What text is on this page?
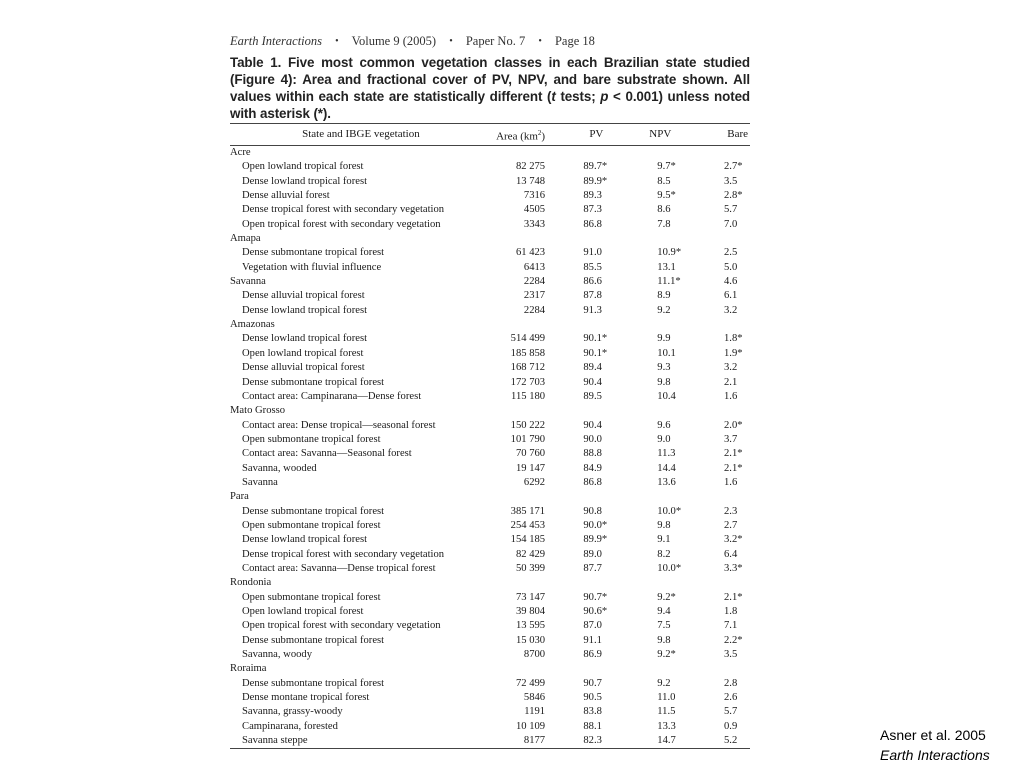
Earth Interactions • Volume 9 (2005) • Paper No. 7 • Page 18
Table 1. Five most common vegetation classes in each Brazilian state studied (Figure 4): Area and fractional cover of PV, NPV, and bare substrate shown. All values within each state are statistically different (t tests; p < 0.001) unless noted with asterisk (*).
State and IBGE vegetation	Area $(km^2)$	PV	NPV	Bare
Acre				
Open lowland tropical forest	82 275	89.7*	9.7*	2.7*
Dense lowland tropical forest	13 748	89.9*	8.5	3.5
Dense alluvial forest	7316	89.3	9.5*	2.8*
Dense tropical forest with secondary vegetation	4505	87.3	8.6	5.7
Open tropical forest with secondary vegetation	3343	86.8	7.8	7.0
Amapa				
Dense submontane tropical forest	61 423	91.0	10.9*	2.5
Vegetation with fluvial influence	6413	85.5	13.1	5.0
Savanna	2284	86.6	11.1*	4.6
Dense alluvial tropical forest	2317	87.8	8.9	6.1
Dense lowland tropical forest	2284	91.3	9.2	3.2
Amazonas				
Dense lowland tropical forest	514 499	90.1*	9.9	1.8*
Open lowland tropical forest	185 858	90.1*	10.1	1.9*
Dense alluvial tropical forest	168 712	89.4	9.3	3.2
Dense submontane tropical forest	172 703	90.4	9.8	2.1
Contact area: Campinarana—Dense forest	115 180	89.5	10.4	1.6
Mato Grosso				
Contact area: Dense tropical—seasonal forest	150 222	90.4	9.6	2.0*
Open submontane tropical forest	101 790	90.0	9.0	3.7
Contact area: Savanna—Seasonal forest	70 760	88.8	11.3	2.1*
Savanna, wooded	19 147	84.9	14.4	2.1*
Savanna	6292	86.8	13.6	1.6
Para				
Dense submontane tropical forest	385 171	90.8	10.0*	2.3
Open submontane tropical forest	254 453	90.0*	9.8	2.7
Dense lowland tropical forest	154 185	89.9*	9.1	3.2*
Dense tropical forest with secondary vegetation	82 429	89.0	8.2	6.4
Contact area: Savanna—Dense tropical forest	50 399	87.7	10.0*	3.3*
Rondonia				
Open submontane tropical forest	73 147	90.7*	9.2*	2.1*
Open lowland tropical forest	39 804	90.6*	9.4	1.8
Open tropical forest with secondary vegetation	13 595	87.0	7.5	7.1
Dense submontane tropical forest	15 030	91.1	9.8	2.2*
Savanna, woody	8700	86.9	9.2*	3.5
Roraima				
Dense submontane tropical forest	72 499	90.7	9.2	2.8
Dense montane tropical forest	5846	90.5	11.0	2.6
Savanna, grassy-woody	1191	83.8	11.5	5.7
Campinarana, forested	10 109	88.1	13.3	0.9
Savanna steppe	8177	82.3	14.7	5.2	Asner et al. 2005
Earth Interactions
